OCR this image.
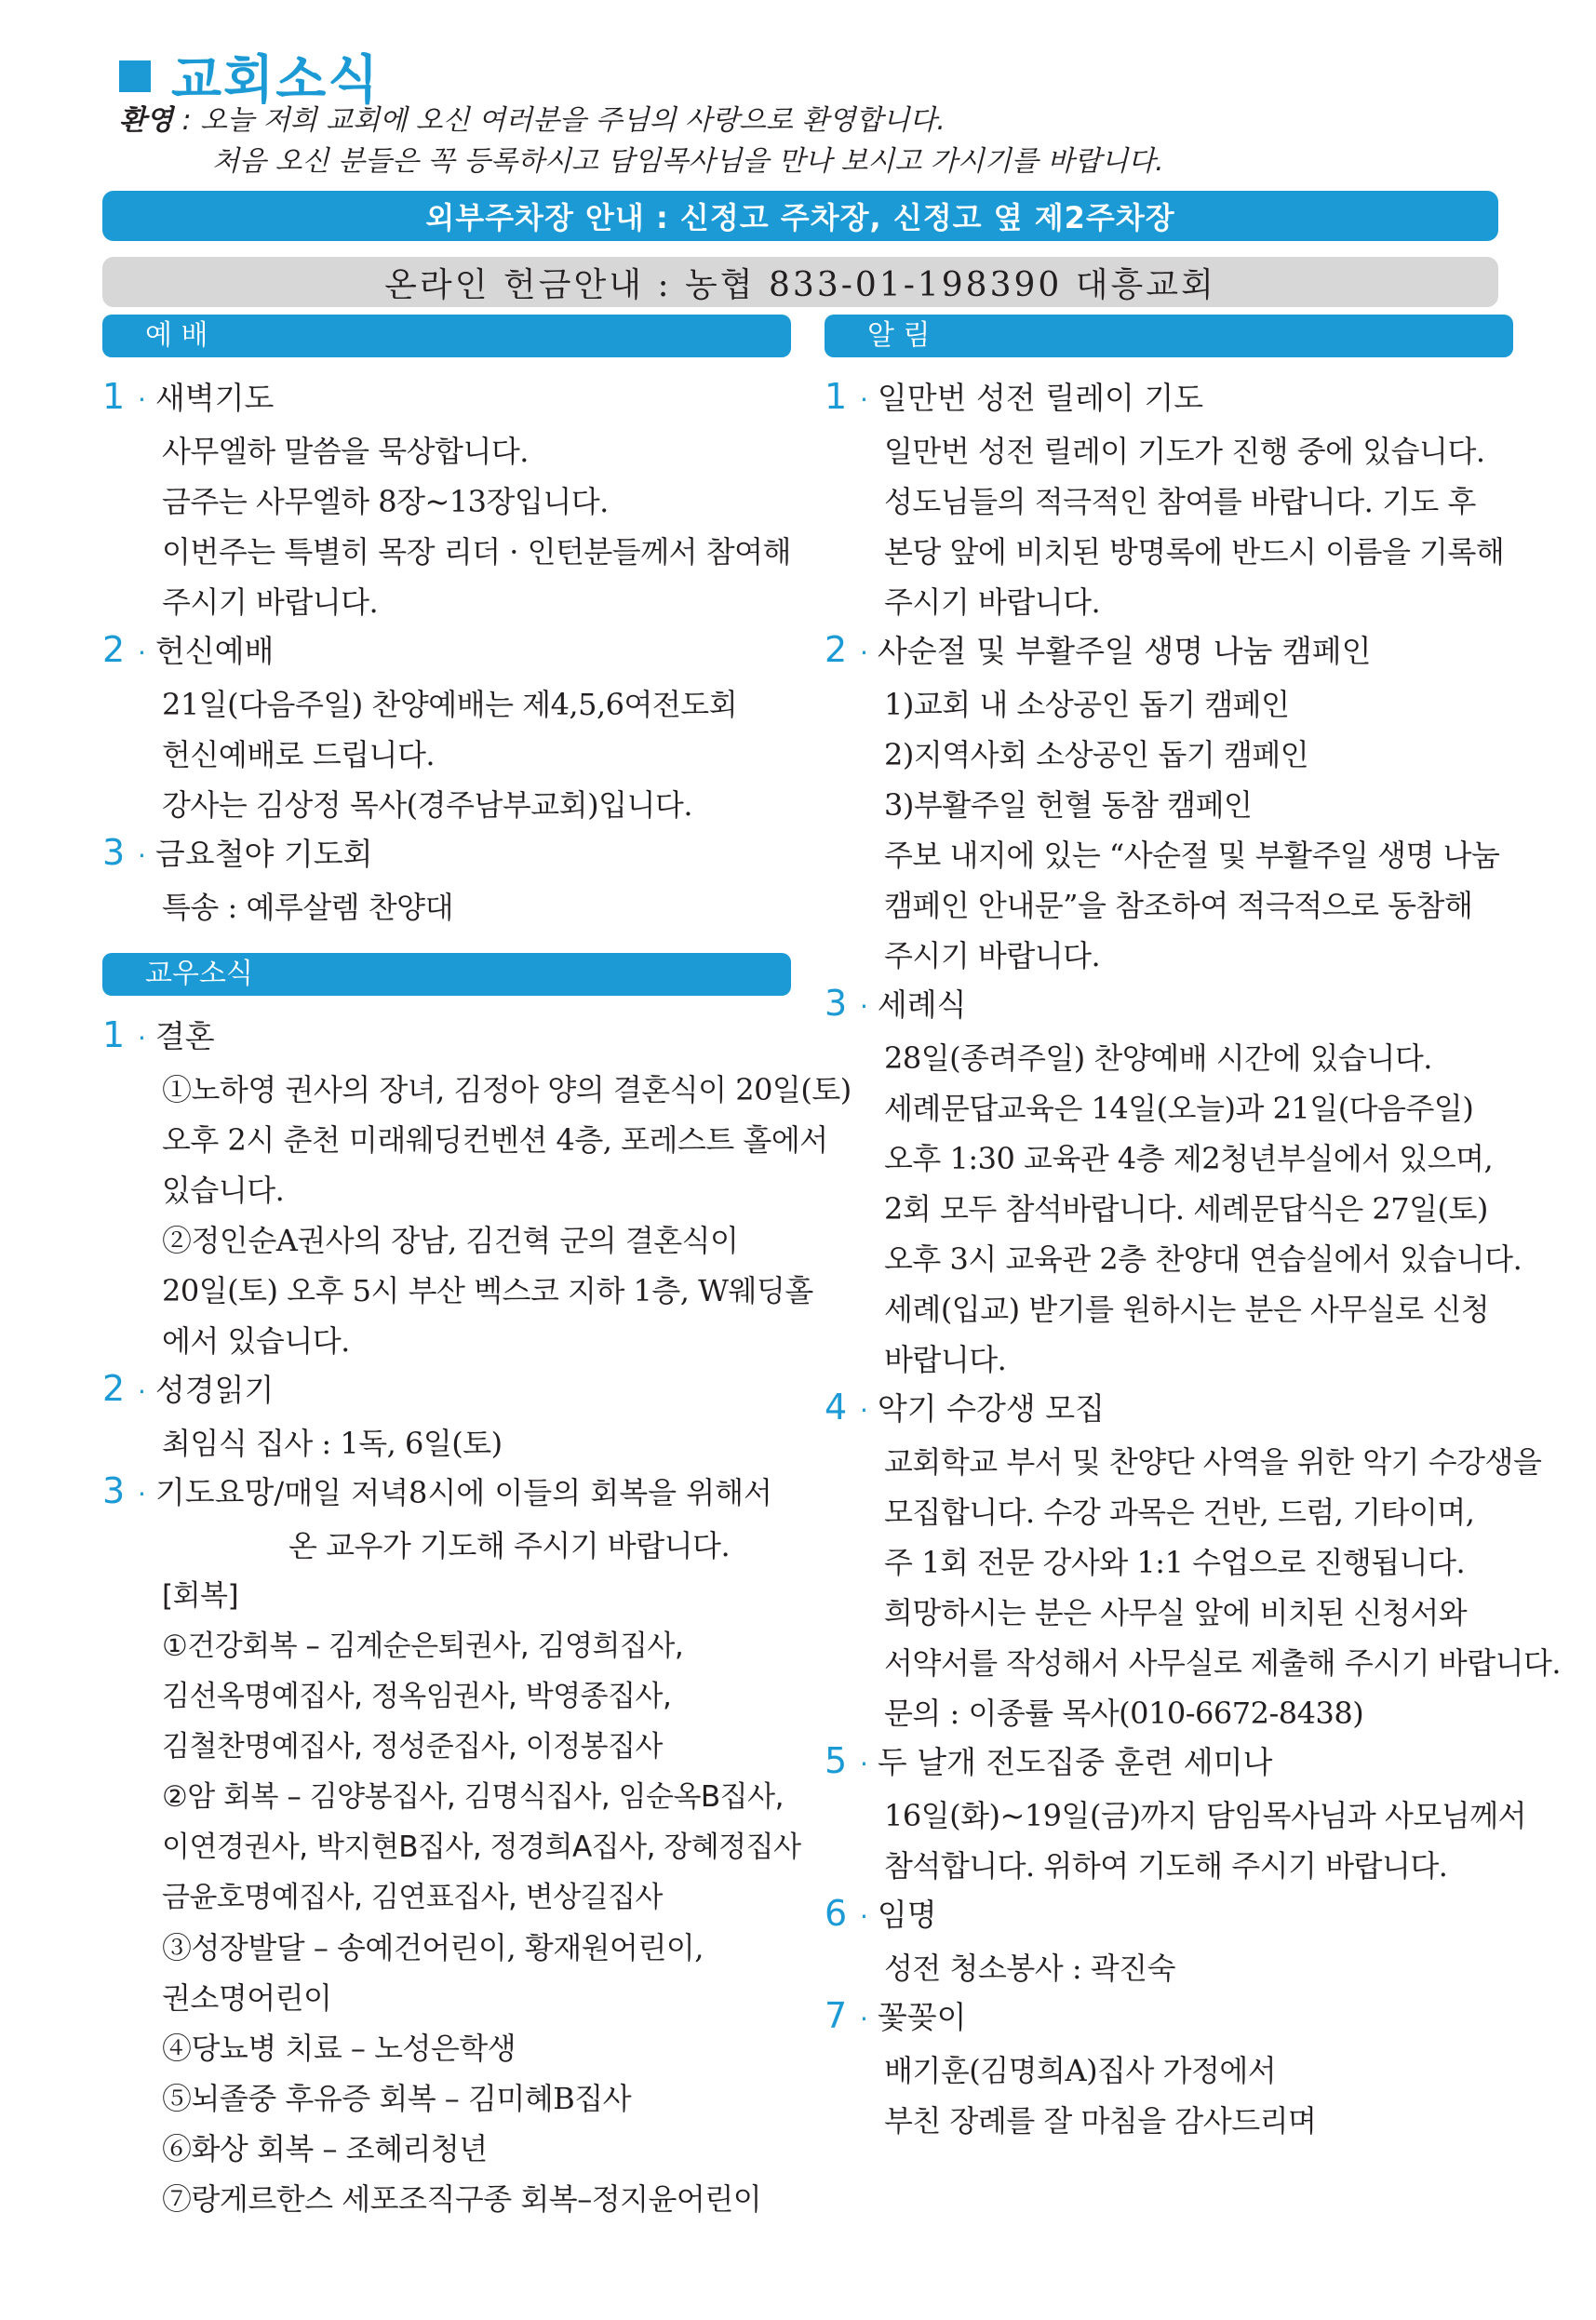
교회소식
환영 : 오늘 저희 교회에 오신 여러분을 주님의 사랑으로 환영합니다.
처음 오신 분들은 꼭 등록하시고 담임목사님을 만나 보시고 가시기를 바랍니다.
외부주차장 안내 : 신정고 주차장, 신정고 옆 제2주차장
온라인 헌금안내 : 농협 833-01-198390 대흥교회
예 배
1 · 새벽기도
사무엘하 말씀을 묵상합니다.
금주는 사무엘하 8장~13장입니다.
이번주는 특별히 목장 리더 · 인턴분들께서 참여해
주시기 바랍니다.
2 · 헌신예배
21일(다음주일) 찬양예배는 제4,5,6여전도회
헌신예배로 드립니다.
강사는 김상정 목사(경주남부교회)입니다.
3 · 금요철야 기도회
특송 : 예루살렘 찬양대
교우소식
1 · 결혼
①노하영 권사의 장녀, 김정아 양의 결혼식이 20일(토)
오후 2시 춘천 미래웨딩컨벤션 4층, 포레스트 홀에서
있습니다.
②정인순A권사의 장남, 김건혁 군의 결혼식이
20일(토) 오후 5시 부산 벡스코 지하 1층, W웨딩홀
에서 있습니다.
2 · 성경읽기
최임식 집사 : 1독, 6일(토)
3 · 기도요망/매일 저녁8시에 이들의 회복을 위해서
온 교우가 기도해 주시기 바랍니다.
[회복]
①건강회복 – 김계순은퇴권사, 김영희집사,
김선옥명예집사, 정옥임권사, 박영종집사,
김철찬명예집사, 정성준집사, 이정봉집사
②암 회복 – 김양봉집사, 김명식집사, 임순옥B집사,
이연경권사, 박지현B집사, 정경희A집사, 장혜정집사
금윤호명예집사, 김연표집사, 변상길집사
③성장발달 – 송예건어린이, 황재원어린이,
권소명어린이
④당뇨병 치료 – 노성은학생
⑤뇌졸중 후유증 회복 – 김미혜B집사
⑥화상 회복 – 조혜리청년
⑦랑게르한스 세포조직구종 회복–정지윤어린이
알 림
1 · 일만번 성전 릴레이 기도
일만번 성전 릴레이 기도가 진행 중에 있습니다.
성도님들의 적극적인 참여를 바랍니다. 기도 후
본당 앞에 비치된 방명록에 반드시 이름을 기록해
주시기 바랍니다.
2 · 사순절 및 부활주일 생명 나눔 캠페인
1)교회 내 소상공인 돕기 캠페인
2)지역사회 소상공인 돕기 캠페인
3)부활주일 헌혈 동참 캠페인
주보 내지에 있는 “사순절 및 부활주일 생명 나눔
캠페인 안내문”을 참조하여 적극적으로 동참해
주시기 바랍니다.
3 · 세례식
28일(종려주일) 찬양예배 시간에 있습니다.
세례문답교육은 14일(오늘)과 21일(다음주일)
오후 1:30 교육관 4층 제2청년부실에서 있으며,
2회 모두 참석바랍니다. 세례문답식은 27일(토)
오후 3시 교육관 2층 찬양대 연습실에서 있습니다.
세례(입교) 받기를 원하시는 분은 사무실로 신청
바랍니다.
4 · 악기 수강생 모집
교회학교 부서 및 찬양단 사역을 위한 악기 수강생을
모집합니다. 수강 과목은 건반, 드럼, 기타이며,
주 1회 전문 강사와 1:1 수업으로 진행됩니다.
희망하시는 분은 사무실 앞에 비치된 신청서와
서약서를 작성해서 사무실로 제출해 주시기 바랍니다.
문의 : 이종률 목사(010-6672-8438)
5 · 두 날개 전도집중 훈련 세미나
16일(화)~19일(금)까지 담임목사님과 사모님께서
참석합니다. 위하여 기도해 주시기 바랍니다.
6 · 임명
성전 청소봉사 : 곽진숙
7 · 꽃꽂이
배기훈(김명희A)집사 가정에서
부친 장례를 잘 마침을 감사드리며
